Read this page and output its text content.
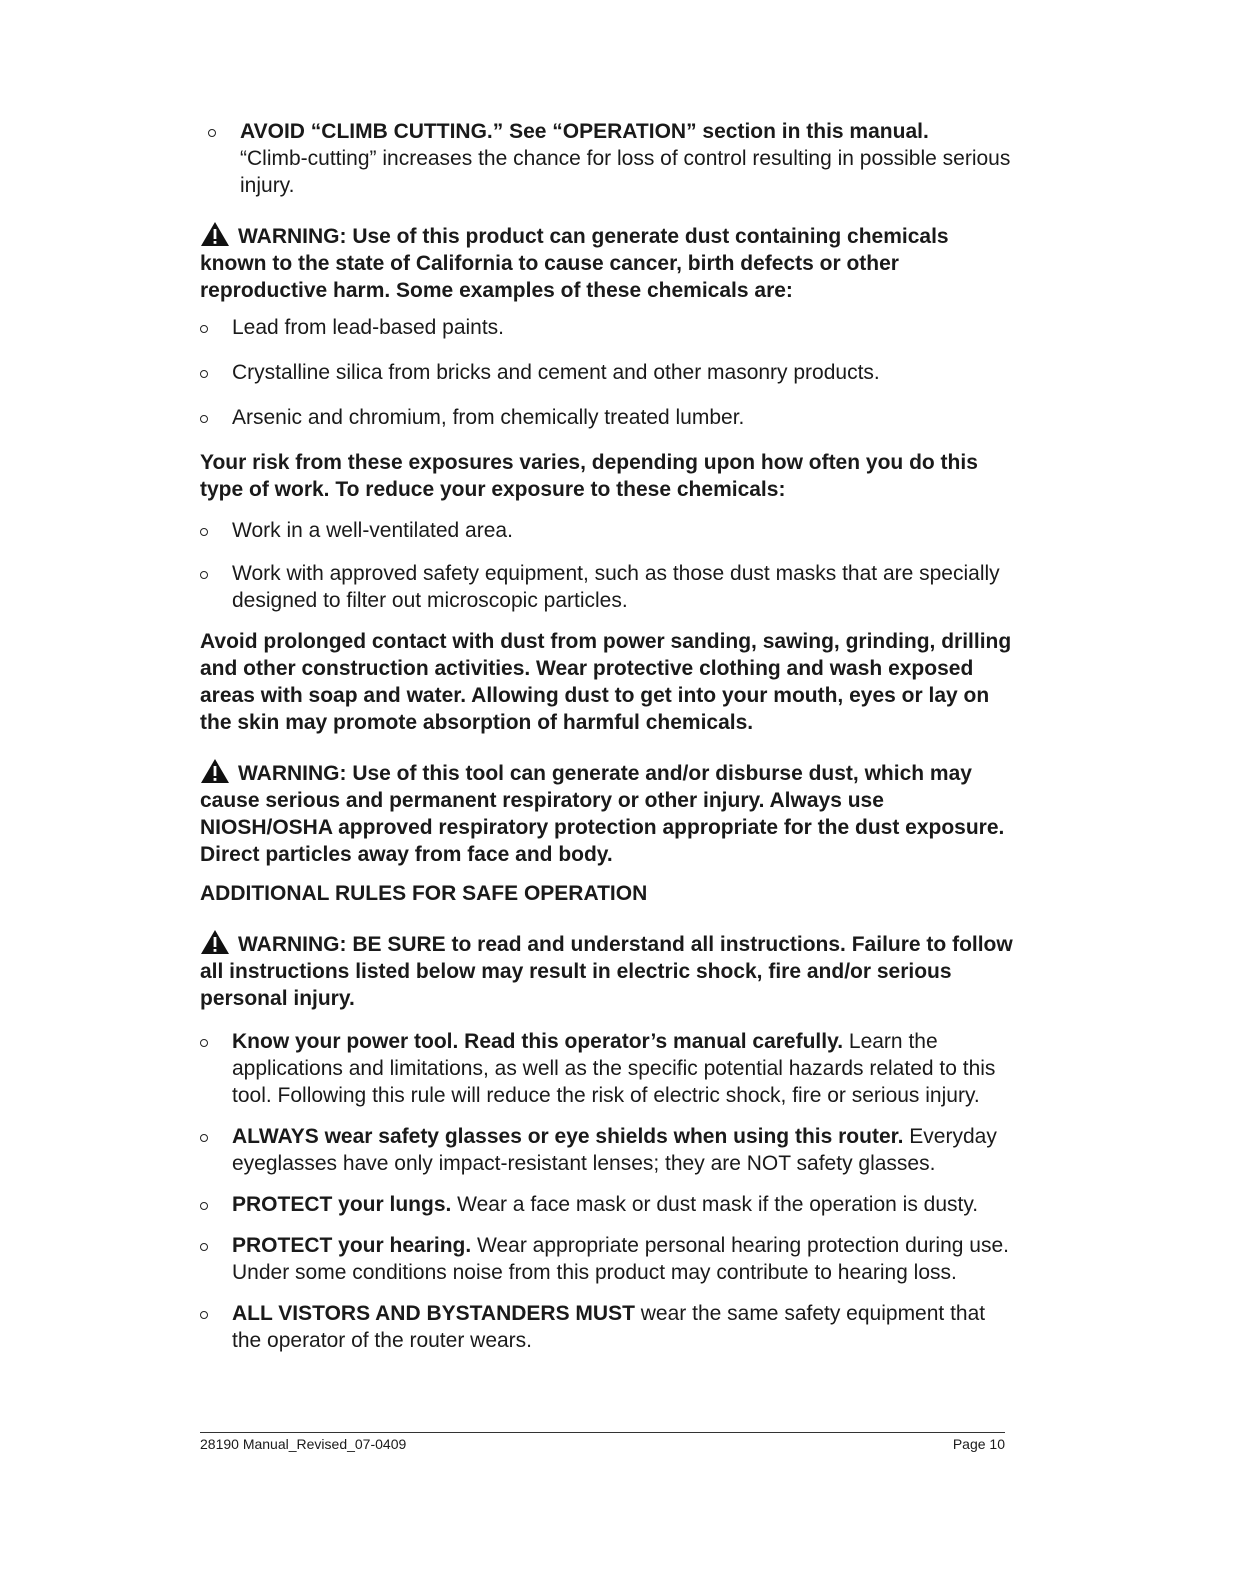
AVOID “CLIMB CUTTING.” See “OPERATION” section in this manual.
“Climb-cutting” increases the chance for loss of control resulting in possible serious injury.
WARNING: Use of this product can generate dust containing chemicals known to the state of California to cause cancer, birth defects or other reproductive harm. Some examples of these chemicals are:
Lead from lead-based paints.
Crystalline silica from bricks and cement and other masonry products.
Arsenic and chromium, from chemically treated lumber.
Your risk from these exposures varies, depending upon how often you do this type of work. To reduce your exposure to these chemicals:
Work in a well-ventilated area.
Work with approved safety equipment, such as those dust masks that are specially designed to filter out microscopic particles.
Avoid prolonged contact with dust from power sanding, sawing, grinding, drilling and other construction activities. Wear protective clothing and wash exposed areas with soap and water. Allowing dust to get into your mouth, eyes or lay on the skin may promote absorption of harmful chemicals.
WARNING: Use of this tool can generate and/or disburse dust, which may cause serious and permanent respiratory or other injury. Always use NIOSH/OSHA approved respiratory protection appropriate for the dust exposure. Direct particles away from face and body.
ADDITIONAL RULES FOR SAFE OPERATION
WARNING: BE SURE to read and understand all instructions. Failure to follow all instructions listed below may result in electric shock, fire and/or serious personal injury.
Know your power tool. Read this operator’s manual carefully. Learn the applications and limitations, as well as the specific potential hazards related to this tool. Following this rule will reduce the risk of electric shock, fire or serious injury.
ALWAYS wear safety glasses or eye shields when using this router. Everyday eyeglasses have only impact-resistant lenses; they are NOT safety glasses.
PROTECT your lungs. Wear a face mask or dust mask if the operation is dusty.
PROTECT your hearing. Wear appropriate personal hearing protection during use. Under some conditions noise from this product may contribute to hearing loss.
ALL VISTORS AND BYSTANDERS MUST wear the same safety equipment that the operator of the router wears.
28190 Manual_Revised_07-0409	Page 10
